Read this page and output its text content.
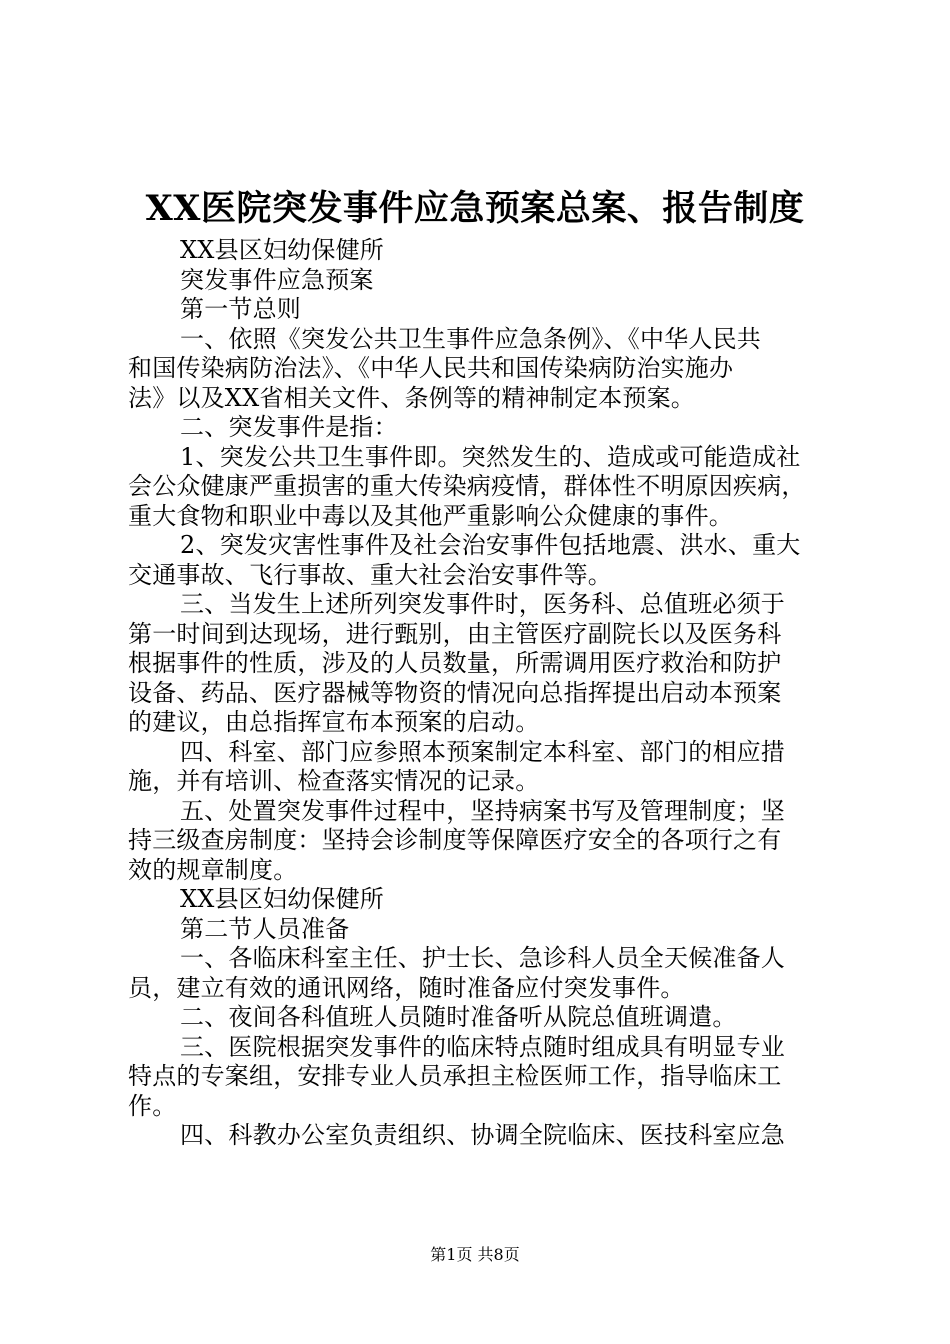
XX医院突发事件应急预案总案、报告制度
XX县区妇幼保健所
突发事件应急预案
第一节总则
一、依照《突发公共卫生事件应急条例》、《中华人民共
和国传染病防治法》、《中华人民共和国传染病防治实施办
法》以及XX省相关文件、条例等的精神制定本预案。
二、突发事件是指：
1、突发公共卫生事件即。突然发生的、造成或可能造成社
会公众健康严重损害的重大传染病疫情，群体性不明原因疾病，
重大食物和职业中毒以及其他严重影响公众健康的事件。
2、突发灾害性事件及社会治安事件包括地震、洪水、重大
交通事故、飞行事故、重大社会治安事件等。
三、当发生上述所列突发事件时，医务科、总值班必须于
第一时间到达现场，进行甄别，由主管医疗副院长以及医务科
根据事件的性质，涉及的人员数量，所需调用医疗救治和防护
设备、药品、医疗器械等物资的情况向总指挥提出启动本预案
的建议，由总指挥宣布本预案的启动。
四、科室、部门应参照本预案制定本科室、部门的相应措
施，并有培训、检查落实情况的记录。
五、处置突发事件过程中，坚持病案书写及管理制度；坚
持三级查房制度：坚持会诊制度等保障医疗安全的各项行之有
效的规章制度。
XX县区妇幼保健所
第二节人员准备
一、各临床科室主任、护士长、急诊科人员全天候准备人
员，建立有效的通讯网络，随时准备应付突发事件。
二、夜间各科值班人员随时准备听从院总值班调遣。
三、医院根据突发事件的临床特点随时组成具有明显专业
特点的专案组，安排专业人员承担主检医师工作，指导临床工
作。
四、科教办公室负责组织、协调全院临床、医技科室应急
第1页 共8页
